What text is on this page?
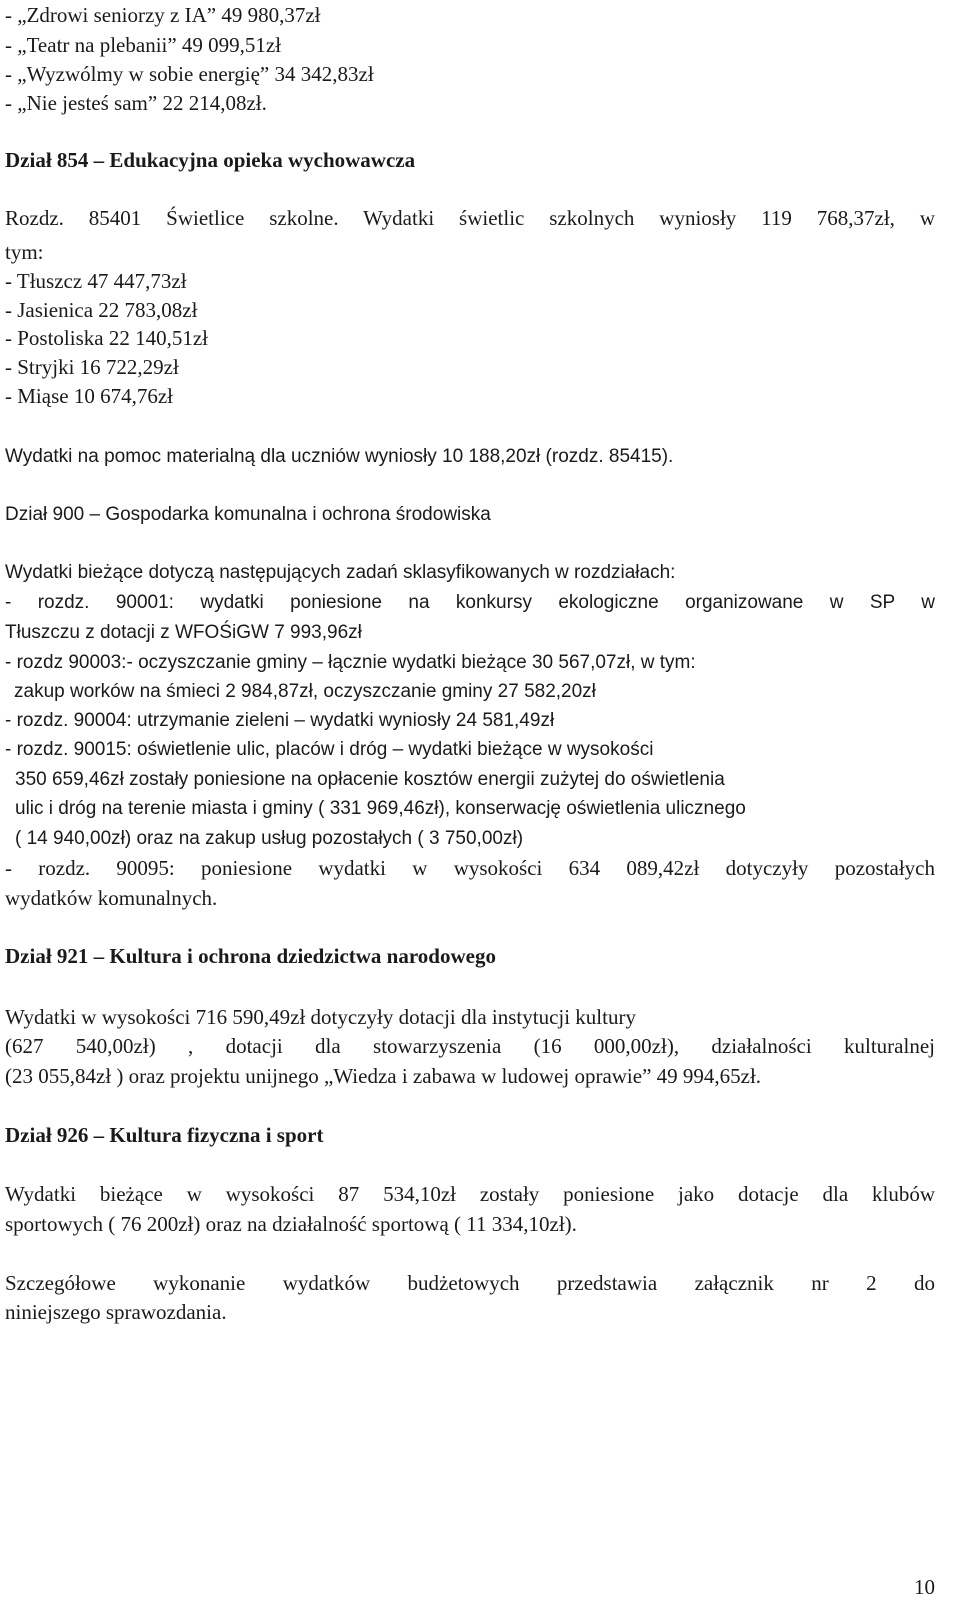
- „Zdrowi seniorzy z IA” 49 980,37zł

- „Teatr na plebanii” 49 099,51zł

- „Wyzwólmy w sobie energię” 34 342,83zł

- „Nie jesteś sam” 22 214,08zł.

Dział 854 – Edukacyjna opieka wychowawcza

Rozdz. 85401 Świetlice szkolne. Wydatki świetlic szkolnych wyniosły 119 768,37zł, w

tym:

- Tłuszcz 47 447,73zł

- Jasienica 22 783,08zł

- Postoliska 22 140,51zł

- Stryjki 16 722,29zł

- Miąse 10 674,76zł

Wydatki na pomoc materialną dla uczniów wyniosły 10 188,20zł (rozdz. 85415).

Dział 900 – Gospodarka komunalna i ochrona środowiska

Wydatki bieżące dotyczą następujących zadań sklasyfikowanych w rozdziałach:

- rozdz. 90001: wydatki poniesione na konkursy ekologiczne organizowane w SP w

Tłuszczu z dotacji z WFOŚiGW 7 993,96zł

- rozdz 90003:- oczyszczanie gminy – łącznie wydatki bieżące 30 567,07zł, w tym:

zakup worków na śmieci 2 984,87zł, oczyszczanie gminy 27 582,20zł

- rozdz. 90004: utrzymanie zieleni – wydatki wyniosły 24 581,49zł

- rozdz. 90015: oświetlenie ulic, placów i dróg – wydatki bieżące w wysokości

350 659,46zł zostały poniesione na opłacenie kosztów energii zużytej do oświetlenia

ulic i dróg na terenie miasta i gminy ( 331 969,46zł), konserwację oświetlenia ulicznego

( 14 940,00zł) oraz na zakup usług pozostałych ( 3 750,00zł)

- rozdz. 90095: poniesione wydatki w wysokości 634 089,42zł dotyczyły pozostałych

wydatków komunalnych.

Dział 921 – Kultura i ochrona dziedzictwa narodowego

Wydatki w wysokości 716 590,49zł dotyczyły dotacji dla instytucji kultury

(627 540,00zł) , dotacji dla stowarzyszenia (16 000,00zł), działalności kulturalnej

(23 055,84zł ) oraz projektu unijnego „Wiedza i zabawa w ludowej oprawie” 49 994,65zł.

Dział 926 – Kultura fizyczna i sport

Wydatki bieżące w wysokości 87 534,10zł zostały poniesione jako dotacje dla klubów

sportowych ( 76 200zł) oraz na działalność sportową ( 11 334,10zł).

Szczegółowe wykonanie wydatków budżetowych przedstawia załącznik nr 2 do

niniejszego sprawozdania.

10
